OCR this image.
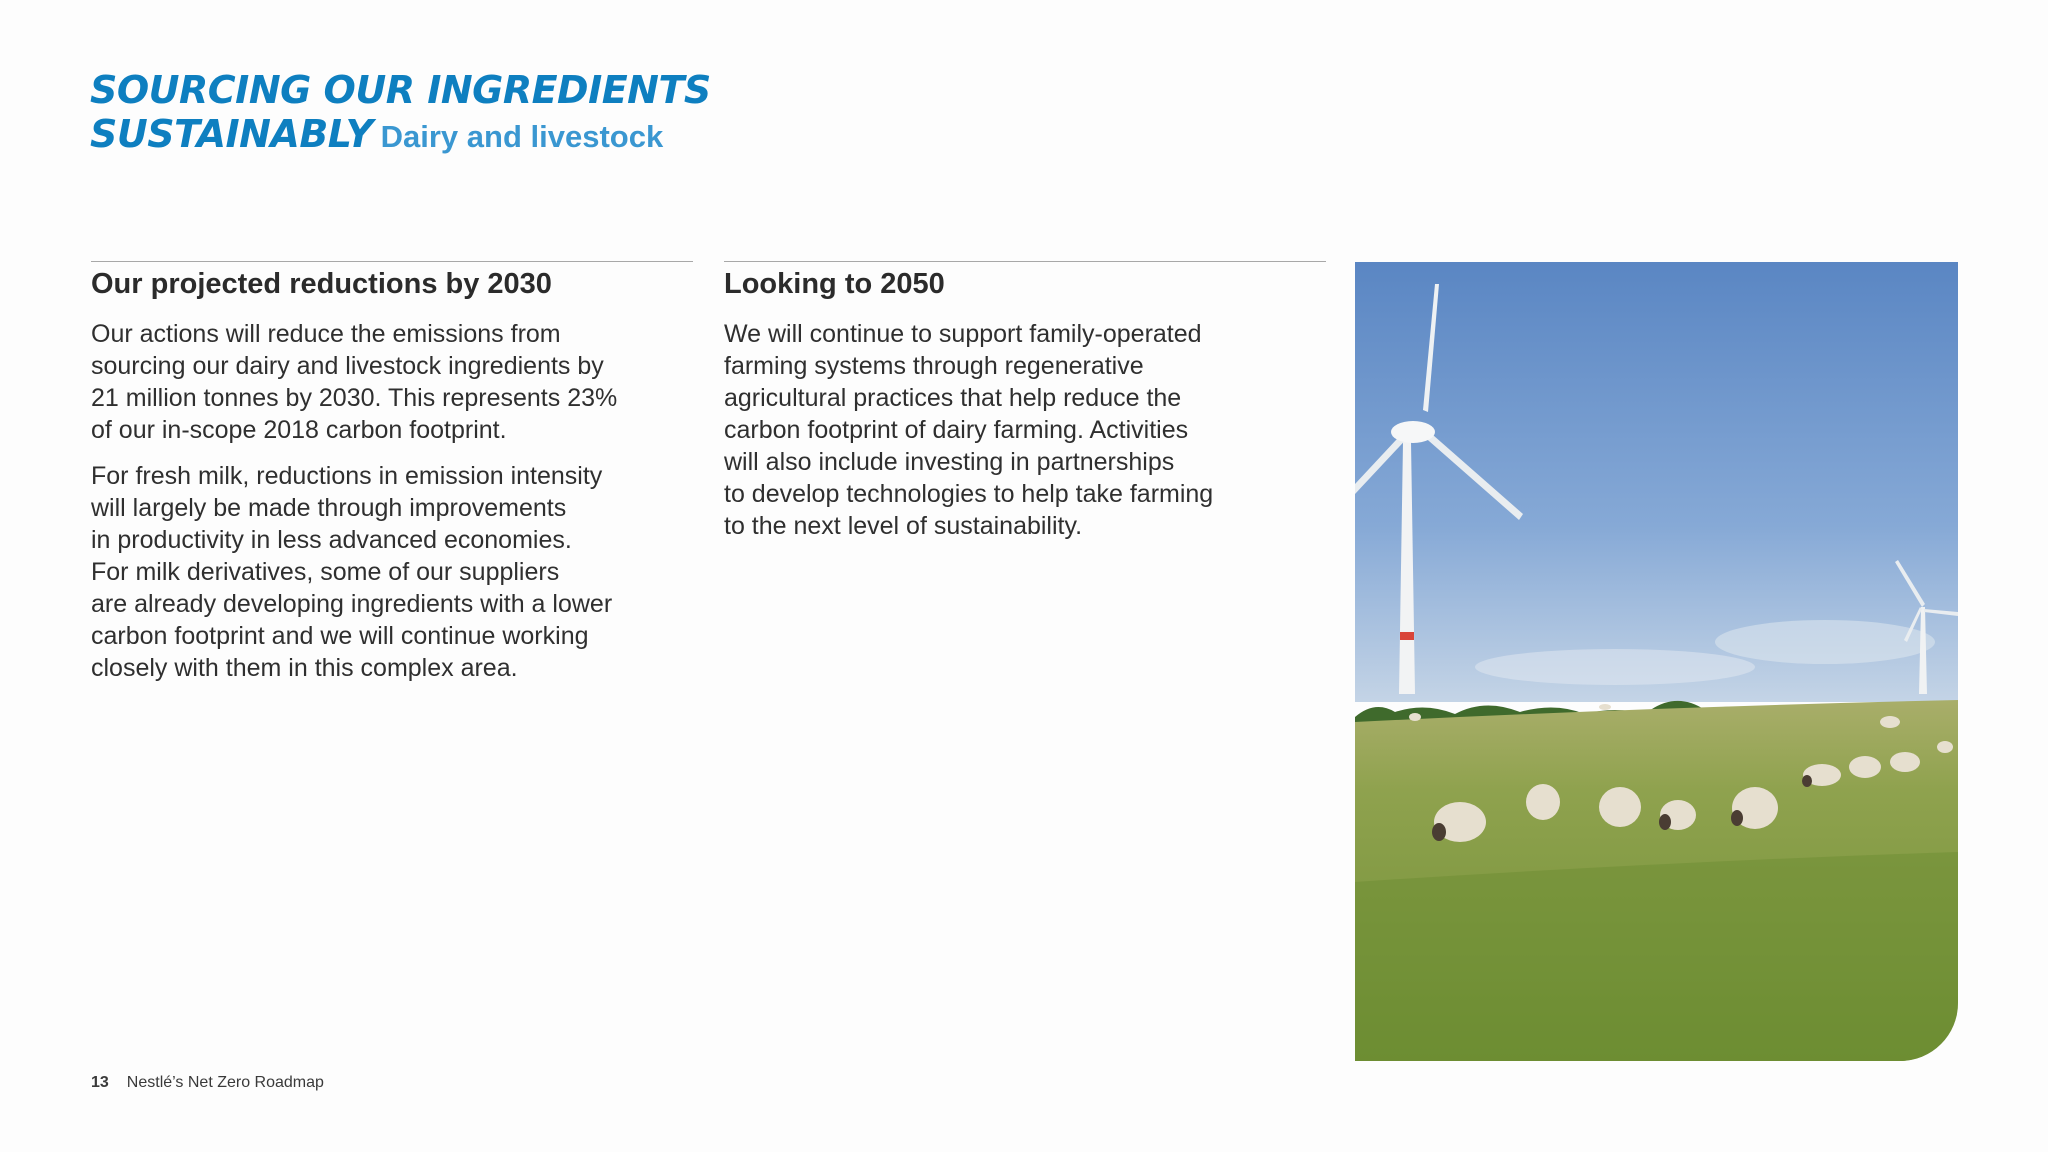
SOURCING OUR INGREDIENTS
SUSTAINABLY Dairy and livestock
Our projected reductions by 2030

Our actions will reduce the emissions from
sourcing our dairy and livestock ingredients by
21 million tonnes by 2030. This represents 23%
of our in-scope 2018 carbon footprint.

For fresh milk, reductions in emission intensity
will largely be made through improvements
in productivity in less advanced economies.
For milk derivatives, some of our suppliers
are already developing ingredients with a lower
carbon footprint and we will continue working
closely with them in this complex area.

Looking to 2050

We will continue to support family-operated
farming systems through regenerative
agricultural practices that help reduce the
carbon footprint of dairy farming. Activities
will also include investing in partnerships
to develop technologies to help take farming
to the next level of sustainability.

13 Nestlé’s Net Zero Roadmap
